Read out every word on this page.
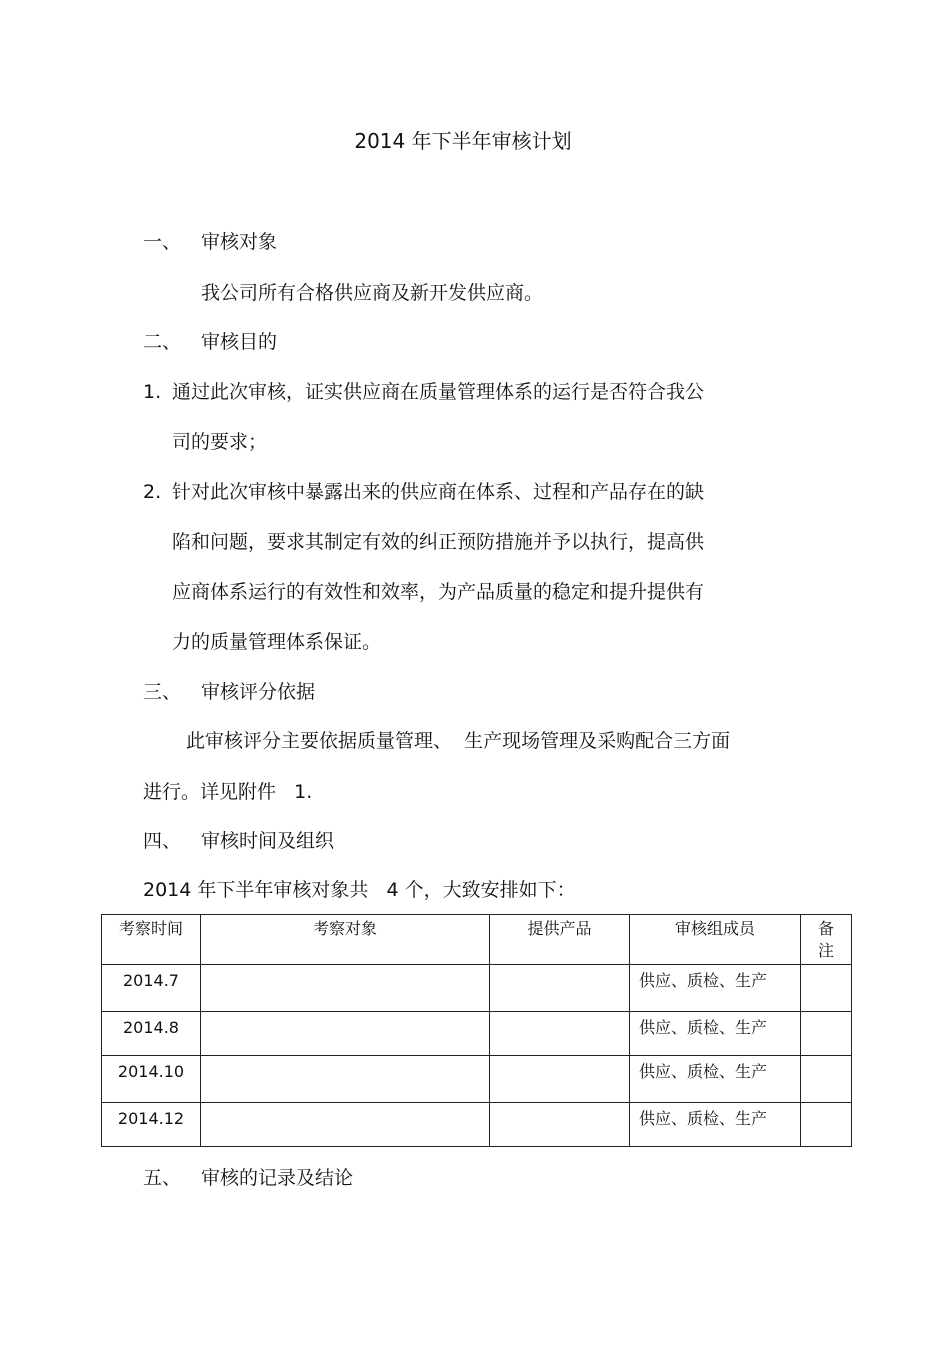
2014 年下半年审核计划
一、 审核对象
我公司所有合格供应商及新开发供应商。
二、 审核目的
1. 通过此次审核，证实供应商在质量管理体系的运行是否符合我公
司的要求；
2. 针对此次审核中暴露出来的供应商在体系、过程和产品存在的缺
陷和问题，要求其制定有效的纠正预防措施并予以执行，提高供
应商体系运行的有效性和效率，为产品质量的稳定和提升提供有
力的质量管理体系保证。
三、 审核评分依据
此审核评分主要依据质量管理、  生产现场管理及采购配合三方面
进行。详见附件   1.
四、 审核时间及组织
2014 年下半年审核对象共   4 个，大致安排如下：
考察时间	考察对象	提供产品	审核组成员	备
注

2014.7			供应、质检、生产	
2014.8			供应、质检、生产	
2014.10			供应、质检、生产	
2014.12			供应、质检、生产	
五、 审核的记录及结论
